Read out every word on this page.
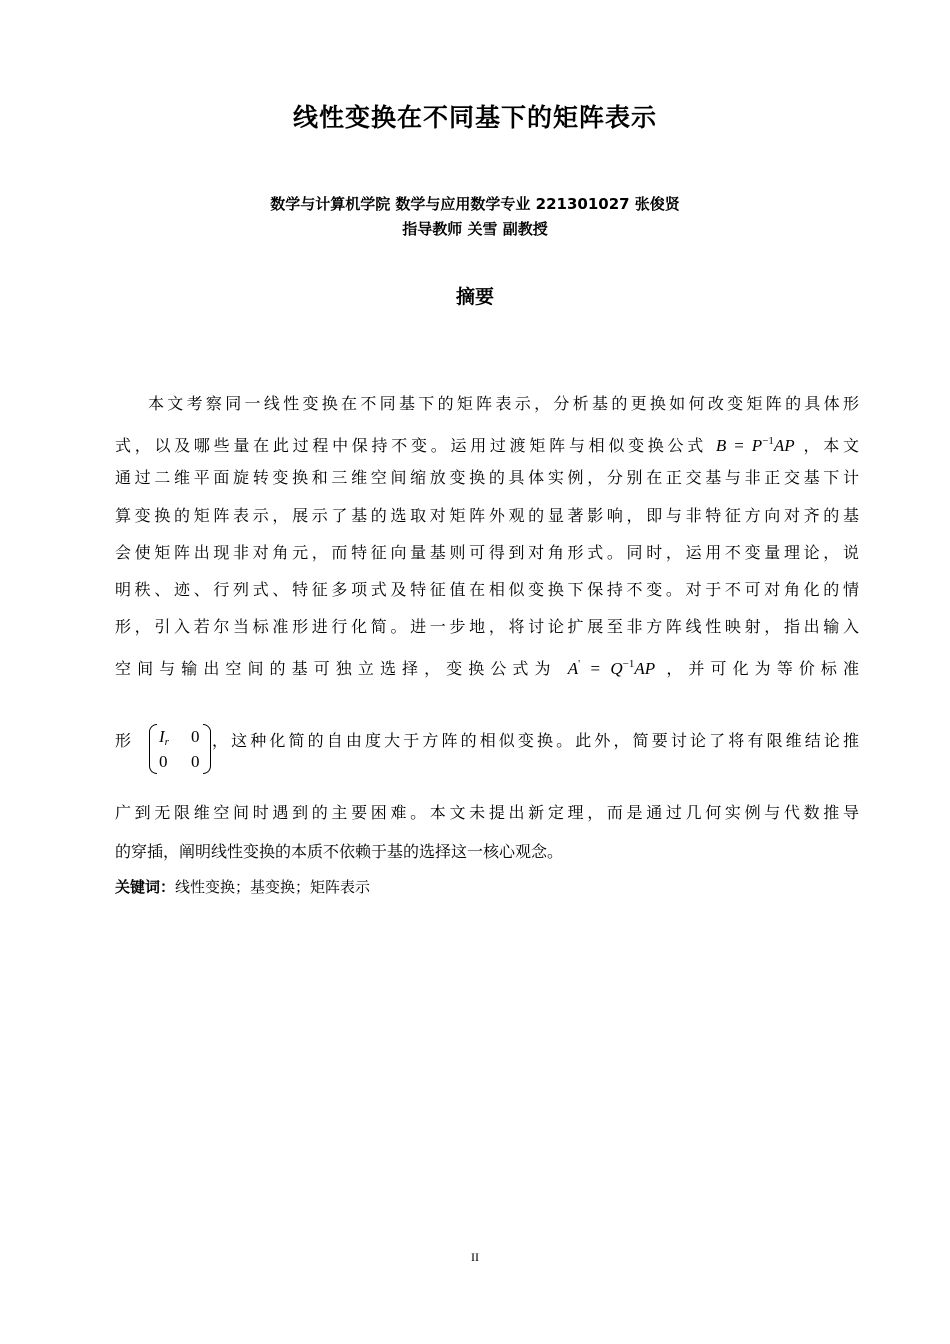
线性变换在不同基下的矩阵表示
数学与计算机学院 数学与应用数学专业 221301027 张俊贤
指导教师 关雪 副教授
摘要
本文考察同一线性变换在不同基下的矩阵表示，分析基的更换如何改变矩阵的具体形
式，以及哪些量在此过程中保持不变。运用过渡矩阵与相似变换公式 $B = P^{-1}AP$ ，本文
通过二维平面旋转变换和三维空间缩放变换的具体实例，分别在正交基与非正交基下计
算变换的矩阵表示，展示了基的选取对矩阵外观的显著影响，即与非特征方向对齐的基
会使矩阵出现非对角元，而特征向量基则可得到对角形式。同时，运用不变量理论，说
明秩、迹、行列式、特征多项式及特征值在相似变换下保持不变。对于不可对角化的情
形，引入若尔当标准形进行化简。进一步地，将讨论扩展至非方阵线性映射，指出输入
空间与输出空间的基可独立选择，变换公式为 $A' = Q^{-1}AP$ ，并可化为等价标准
形	$I_r$ 0
0 0
，这种化简的自由度大于方阵的相似变换。此外，简要讨论了将有限维结论推
广到无限维空间时遇到的主要困难。本文未提出新定理，而是通过几何实例与代数推导
的穿插，阐明线性变换的本质不依赖于基的选择这一核心观念。
关键词：线性变换；基变换；矩阵表示
II
